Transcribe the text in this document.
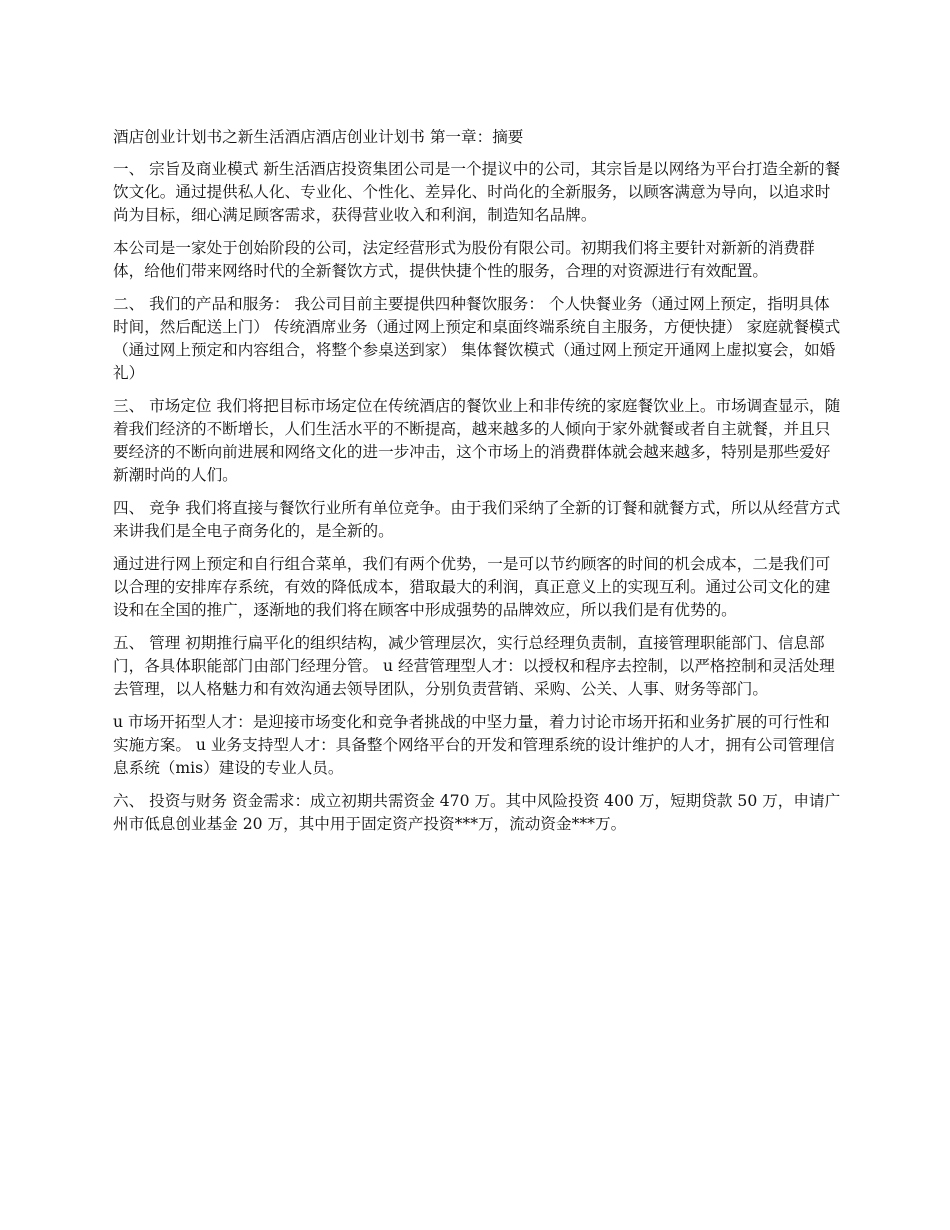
酒店创业计划书之新生活酒店酒店创业计划书 第一章：摘要

一、 宗旨及商业模式 新生活酒店投资集团公司是一个提议中的公司，其宗旨是以网络为平台打造全新的餐饮文化。通过提供私人化、专业化、个性化、差异化、时尚化的全新服务，以顾客满意为导向，以追求时尚为目标，细心满足顾客需求，获得营业收入和利润，制造知名品牌。

本公司是一家处于创始阶段的公司，法定经营形式为股份有限公司。初期我们将主要针对新新的消费群体，给他们带来网络时代的全新餐饮方式，提供快捷个性的服务，合理的对资源进行有效配置。

二、 我们的产品和服务： 我公司目前主要提供四种餐饮服务： 个人快餐业务（通过网上预定，指明具体时间，然后配送上门） 传统酒席业务（通过网上预定和桌面终端系统自主服务，方便快捷） 家庭就餐模式（通过网上预定和内容组合，将整个参桌送到家） 集体餐饮模式（通过网上预定开通网上虚拟宴会，如婚礼）

三、 市场定位 我们将把目标市场定位在传统酒店的餐饮业上和非传统的家庭餐饮业上。市场调查显示，随着我们经济的不断增长，人们生活水平的不断提高，越来越多的人倾向于家外就餐或者自主就餐，并且只要经济的不断向前进展和网络文化的进一步冲击，这个市场上的消费群体就会越来越多，特别是那些爱好新潮时尚的人们。

四、 竞争 我们将直接与餐饮行业所有单位竞争。由于我们采纳了全新的订餐和就餐方式，所以从经营方式来讲我们是全电子商务化的，是全新的。

通过进行网上预定和自行组合菜单，我们有两个优势，一是可以节约顾客的时间的机会成本，二是我们可以合理的安排库存系统，有效的降低成本，猎取最大的利润，真正意义上的实现互利。通过公司文化的建设和在全国的推广，逐渐地的我们将在顾客中形成强势的品牌效应，所以我们是有优势的。

五、 管理 初期推行扁平化的组织结构，减少管理层次，实行总经理负责制，直接管理职能部门、信息部门，各具体职能部门由部门经理分管。 u 经营管理型人才：以授权和程序去控制，以严格控制和灵活处理去管理，以人格魅力和有效沟通去领导团队，分别负责营销、采购、公关、人事、财务等部门。

u 市场开拓型人才：是迎接市场变化和竞争者挑战的中坚力量，着力讨论市场开拓和业务扩展的可行性和实施方案。 u 业务支持型人才：具备整个网络平台的开发和管理系统的设计维护的人才，拥有公司管理信息系统（mis）建设的专业人员。

六、 投资与财务 资金需求：成立初期共需资金 470 万。其中风险投资 400 万，短期贷款 50 万，申请广州市低息创业基金 20 万，其中用于固定资产投资***万，流动资金***万。
